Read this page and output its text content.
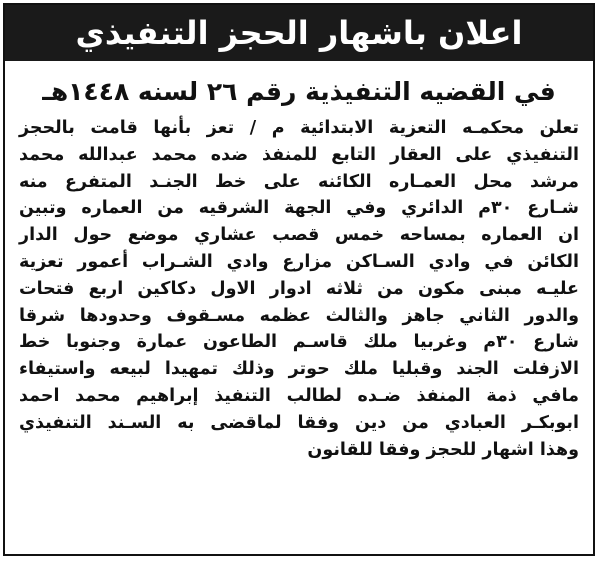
اعلان باشهار الحجز التنفيذي
في القضيه التنفيذية رقم ٢٦ لسنه ١٤٤٨هـ
تعلن محكمـه التعزية الابتدائية م / تعز بأنها قامت بالحجز
التنفيذي على العقار التابع للمنفذ ضده محمد عبدالله محمد
مرشد محل العمـاره الكائنه على خط الجنـد المتفرع منه
شـارع ٣٠م الدائري وفي الجهة الشرقيه من العماره وتبين
ان العماره بمساحه خمس قصب عشاري موضع حول الدار
الكائن في وادي السـاكن مزارع وادي الشـراب أعمور تعزية
عليـه مبنى مكون من ثلاثه ادوار الاول دكاكين اربع فتحات
والدور الثاني جاهز والثالث عظمه مسـقوف وحدودها شرقا
شارع ٣٠م وغربيا ملك قاسـم الطاعون عمارة وجنوبا خط
الازفلت الجند وقبليا ملك حوتر وذلك تمهيدا لبيعه واستيفاء
مافي ذمة المنفذ ضـده لطالب التنفيذ إبراهيم محمد احمد
ابوبكـر العبادي من دين وفقا لماقضى به السـند التنفيذي
وهذا اشهار للحجز وفقا للقانون
